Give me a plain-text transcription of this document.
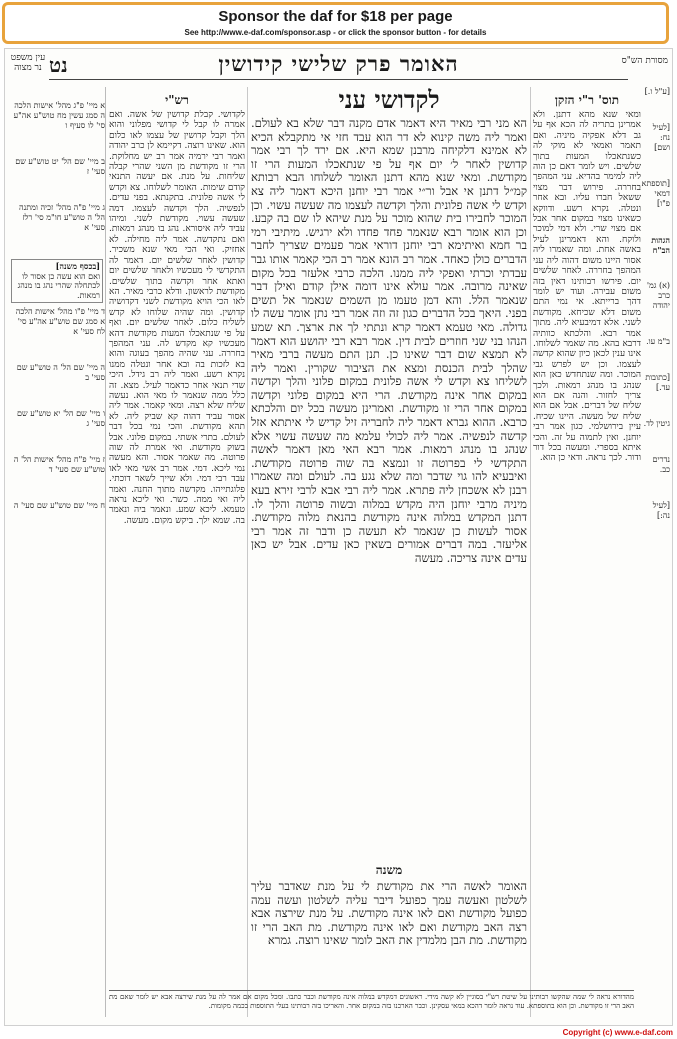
Sponsor the daf for $18 per page
See http://www.e-daf.com/sponsor.asp - or click the sponsor button - for details
מסורת הש"ס
עין משפט נר מצוה	האומר פרק שלישי קידושין
נט
[ע"ל ו.]
[לעיל נח: ושם]
[תוספתא דמאי פ"ו]
הגהות הב"ח
(א) גמ' כרב יהודה
ב"מ עו.
[כתובות עד.]
גיטין לד.
נדרים כב.
[לעיל נה:]
תוס' ר"י הזקן
ומאי שנא מהא דתנן. ולא אמרינן בתריה לה הכא אף על גב דלא אפקיה מיניה. ואם תאמר ואמאי לא מוקי לה כשנתאכלו המעות בתוך שלשים. ויש לומר דאם כן הוה ליה למימר בהדיא. עני המהפך בחררה. פירוש דבר מצוי ששאל חברו עליו. ובא אחר ונטלה. נקרא רשע. ודווקא כשאינו מצוי במקום אחר אבל אם מצוי שרי. ולא דמי למוכר ולוקח. והא דאמרינן לעיל באשה אחת. ומה שאמרו ליה אסור היינו משום דהוה ליה עני המהפך בחררה. לאחר שלשים יום. פירשו רבותינו דאין בזה משום עבירה. ועוד יש לומר דהך ברייתא. אי נמי התם משום דלא שכיחא. מקודשת לשני. אלא דמיבעיא ליה. מתוך אמר רבא. והלכתא כוותיה דרבא בהא. מה שאמר לשלוחו. אינו ענין לכאן כיון שהוא קדשה לעצמו. וכן יש לפרש גבי המוכר. ומה שנתחדש כאן הוא שנהג בו מנהג רמאות. ולכך צריך לחזור. והנה אם הוא שליח של דברים. אבל אם הוא שליח של מעשה. היינו שכיח. עיין בירושלמי. כגון אמר רבי יוחנן. ואין לתמוה על זה. והכי איתא בספרי. ומעשה בכל דור ודור. לכך נראה. ודאי כן הוא.
לקדושי עני
הא מני רבי מאיר היא דאמר אדם מקנה דבר שלא בא לעולם. ואמר ליה משה קינוא לא דר הוא עבד חזי אי מתקבלא הכיא לא אמינא דלקיחה מרבנן שמא היא. אם ירד לך רבי אמר קדושין לאחר ל׳ יום אף על פי שנתאכלו המעות הרי זו מקודשת. ומאי שנא מהא דתנן האומר לשלוחו הבא רבותא קמ״ל דתנן אי אבל ור״י אמר רבי יוחנן היכא דאמר ליה צא וקדש לי אשה פלונית והלך וקדשה לעצמו מה שעשה עשוי. וכן המוכר לחבירו בית שהוא מוכר על מנת שיהא לו שם בה קבע. וכן הוא אומר רבא שנאמר פחד פחדו ולא ירגיש. מיתיבי רמי בר חמא ואיתימא רבי יוחנן דוראי אמר פעמים שצריך לחבר הדברים כולן כאחד. אמר רב הונא אמר רב הכי קאמר אותו גבר עבדתי וכרתי ואפקי ליה ממנו. הלכה כרבי אלעזר בכל מקום שאינה מרובה. אמר עולא אינו דומה אילן קודם ואילן דבר שנאמר הלל. והא דמן טעמו מן השמים שנאמר אל תשים בפני. היאך בכל הדברים כגון זה וזה אמר רבי נתן אומר עשה לו גדולה. מאי טעמא דאמר קרא ונתתי לך את ארצך. תא שמע הנהו בני שני חוזרים לבית דין. אמר רבא רבי יהושע הוא דאמר לא תמצא שום דבר שאינו כן. תנן התם מעשה ברבי מאיר שהלך לבית הכנסת ומצא את הציבור שקורין. ואמר ליה לשליחו צא וקדש לי אשה פלונית במקום פלוני והלך וקדשה במקום אחר אינה מקודשת. הרי היא במקום פלוני וקדשה במקום אחר הרי זו מקודשת. ואמרינן מעשה בכל יום והלכתא כרבא. ההוא גברא דאמר ליה לחבריה זיל קדיש לי איתתא אזל קדשה לנפשיה. אמר ליה לכולי עלמא מה שעשה עשוי אלא שנהג בו מנהג רמאות. אמר רבא האי מאן דאמר לאשה התקדשי לי בפרוטה זו ונמצא בה שוה פרוטה מקודשת. ואיבעיא להו גוי שדבר ומה שלא נגע בה. לעולם ומה שאמרו רבנן לא אשכחן ליה פתרא. אמר ליה רבי אבא לרבי זירא בעא מיניה מרבי יוחנן היה מקדש במלוה ובשוה פרוטה והלך לו. דתנן המקדש במלוה אינה מקודשת בהנאת מלוה מקודשת. אסור לעשות כן שנאמר לא תעשה כן ודבר זה אמר רבי אליעזר. במה דברים אמורים בשאין כאן עדים. אבל יש כאן עדים אינה צריכה. מעשה
משנה
האומר לאשה הרי את מקודשת לי על מנת שאדבר עליך לשלטון ואעשה עמך כפועל דיבר עליה לשלטון ועשה עמה כפועל מקודשת ואם לאו אינה מקודשת. על מנת שירצה אבא רצה האב מקודשת ואם לאו אינה מקודשת. מת האב הרי זו מקודשת. מת הבן מלמדין את האב לומר שאינו רוצה. גמרא
רש"י
לקדושי. קבלת קדושין של אשה. ואם אמרה לו קבל לי קדושי מפלוני והוא הלך וקבל קדושין של עצמו לאו כלום הוא. שאינו רוצה. דקיימא לן כרב יהודה ואמר רבי ירמיה אמר רב יש מחלוקת. הרי זו מקודשת מן השני שהרי קבלה שליחות. על מנת. אם יעשה התנאי קודם שימות. האומר לשלוחו. צא וקדש לי אשה פלונית. בתקנתא. בפני עדים. לנפשיה. הלך וקדשה לעצמו. דמה שעשה עשוי. מקודשת לשני. ומיהו עביד ליה איסורא. נהג בו מנהג רמאות. ואם נתקדשה. אמר ליה מחילה. לא אחזיק. ואי הכי מאי שנא משכיר. קדושין לאחר שלשים יום. דאמר לה התקדשי לי מעכשיו ולאחר שלשים יום ואתא אחר וקדשה בתוך שלשים. מקודשת לראשון. ודלא כרבי מאיר. הא לאו הכי הויא מקודשת לשני דקדושיה קדושין. ומה שהיה שלוחו לא קדש לשליח כלום. לאחר שלשים יום. ואף על פי שנתאכלו המעות מקודשת דהא מעכשיו קא מקדש לה. עני המהפך בחררה. עני שהיה מהפך בעוגה והוא בא לזכות בה ובא אחר ונטלה ממנו נקרא רשע. ואמר ליה רב גידל. היכי שדי תנאי אחר כדאמר לעיל. מצא. זה כלל ממה שנאמר לו מאי הוא. נעשה שליח שלא רצה. ומאי קאמר. אמר ליה אסור עביד דהוה קא שביק ליה. לא תהא מקודשת. והכי נמי בכל דבר לעולם. בתרי אשתי. במקום פלוני. אבל בשוק מקודשת. ואי אמרת לה שוה פרוטה. מה שאמר אסור. והא מעשה נמי ליכא. דמי. אמר רב אשי מאי לאו עבד רבי דמי. ולא שייך לשאר דוכתי. פלוגתייהו. מקדשה מתוך החנה. ואמר ליה ואי ממה. כשר. ואי ליכא נראה טעמא. ליכא שמע. ונאמר ביה ונאמר בה. שמא ילך. ביקש מקום. מעשה.
א מיי' פ"ג מהל' אישות הלכה ה סמג עשין מח טוש"ע אה"ע סי' לו סעיף ו
ב מיי' שם הל' יט טוש"ע שם סעי' ז
ג מיי' פ"ה מהל' זכיה ומתנה הל' ה טוש"ע חו"מ סי' רלז סעי' א
[בכסף משנה]
ואם הוא עשה כן אסור לו לכתחלה שהרי נהג בו מנהג רמאות.
ד מיי' פ"ו מהל' אישות הלכה א סמג שם טוש"ע אה"ע סי' לח סעי' א
ה מיי' שם הל' ה טוש"ע שם סעי' ב
ו מיי' שם הל' יא טוש"ע שם סעי' ג
ז מיי' פ"ח מהל' אישות הל' ה טוש"ע שם סעי' ד
ח מיי' שם טוש"ע שם סעי' ה
מהדורא נראה לי שמה שהקשו רבותינו על שיטת רש"י בסוגיין לא קשה מידי. ראשונים דמקדש במלוה אינה מקודשת וכבר כתבו. ומכל מקום אם אמר לה על מנת שירצה אבא יש לומר שאם מת האב הרי זו מקודשת. וכן הוא בתוספתא. עוד נראה לומר דהכא במאי עסקינן. וכבר הארכנו בזה במקום אחר. והאריכו בזה רבותינו בעלי התוספות בכמה מקומות.
Copyright (c) www.e-daf.com
